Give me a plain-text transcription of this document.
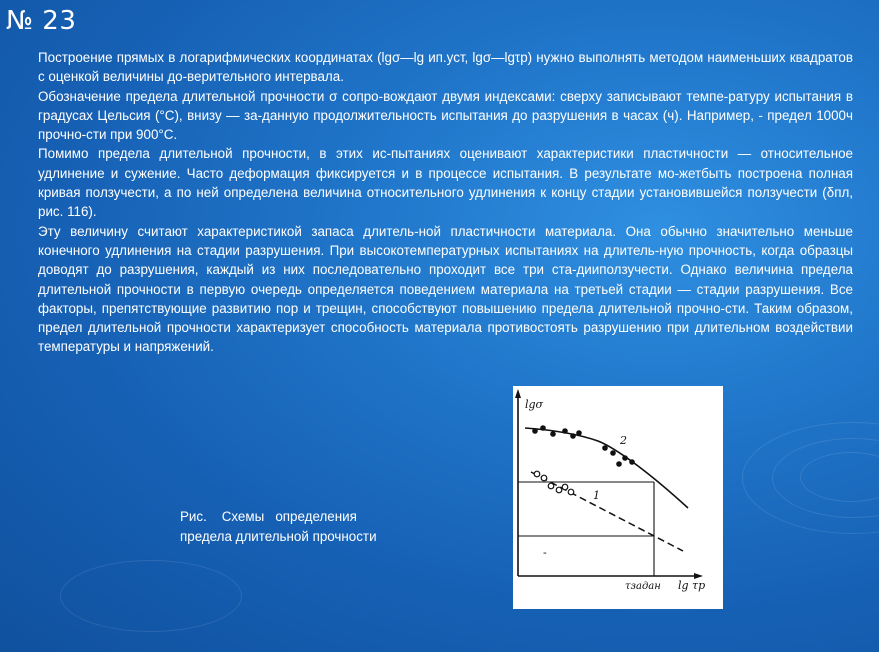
№ 23

Построение прямых в логарифмических координатах (lgσ—lg ип.уст, lgσ—lgτр) нужно выполнять методом наименьших квадратов с оценкой величины до-верительного интервала.

Обозначение предела длительной прочности σ сопро-вождают двумя индексами: сверху записывают темпе-ратуру испытания в градусах Цельсия (°С), внизу — за-данную продолжительность испытания до разрушения в часах (ч). Например, - предел 1000ч прочно-сти при 900°С.

Помимо предела длительной прочности, в этих ис-пытаниях оценивают характеристики пластичности — относительное удлинение и сужение. Часто деформация фиксируется и в процессе испытания. В результате мо-жетбыть построена полная кривая ползучести, а по ней определена величина относительного удлинения к концу стадии установившейся ползучести (δпл, рис. 116).

Эту величину считают характеристикой запаса длитель-ной пластичности материала. Она обычно значительно меньше конечного удлинения на стадии разрушения. При высокотемпературных испытаниях на длитель-ную прочность, когда образцы доводят до разрушения, каждый из них последовательно проходит все три ста-дииползучести. Однако величина предела длительной прочности в первую очередь определяется поведением материала на третьей стадии — стадии разрушения. Все факторы, препятствующие развитию пор и трещин, способствуют повышению предела длительной прочно-сти. Таким образом, предел длительной прочности характеризует способность материала противостоять разрушению при длительном воздействии температуры и напряжений.

lgσ
lg τр
τзадан
2
1
-
Рис.    Схемы   определения
предела длительной прочности
